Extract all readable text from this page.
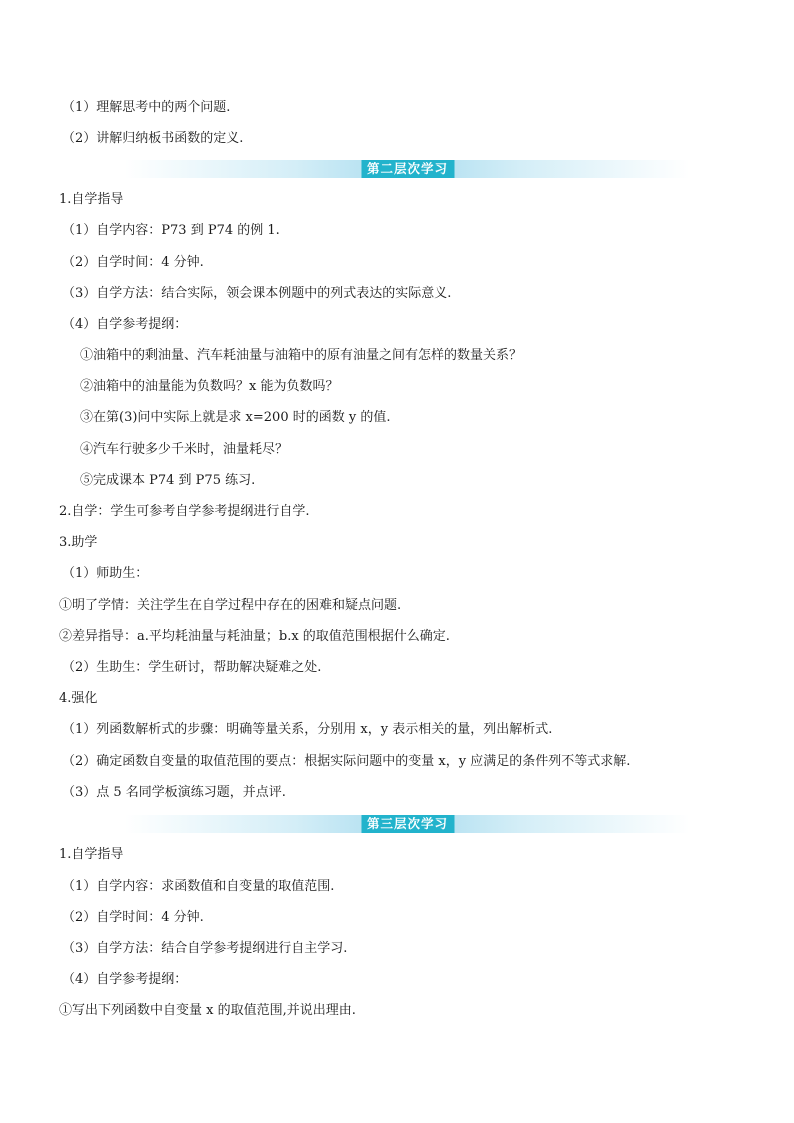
（1）理解思考中的两个问题.
（2）讲解归纳板书函数的定义.
第二层次学习
1.自学指导
（1）自学内容：P73 到 P74 的例 1.
（2）自学时间：4 分钟.
（3）自学方法：结合实际，领会课本例题中的列式表达的实际意义.
（4）自学参考提纲：
①油箱中的剩油量、汽车耗油量与油箱中的原有油量之间有怎样的数量关系？
②油箱中的油量能为负数吗？x 能为负数吗？
③在第(3)问中实际上就是求 x=200 时的函数 y 的值.
④汽车行驶多少千米时，油量耗尽？
⑤完成课本 P74 到 P75 练习.
2.自学：学生可参考自学参考提纲进行自学.
3.助学
（1）师助生：
①明了学情：关注学生在自学过程中存在的困难和疑点问题.
②差异指导：a.平均耗油量与耗油量；b.x 的取值范围根据什么确定.
（2）生助生：学生研讨，帮助解决疑难之处.
4.强化
（1）列函数解析式的步骤：明确等量关系，分别用 x，y 表示相关的量，列出解析式.
（2）确定函数自变量的取值范围的要点：根据实际问题中的变量 x，y 应满足的条件列不等式求解.
（3）点 5 名同学板演练习题，并点评.
第三层次学习
1.自学指导
（1）自学内容：求函数值和自变量的取值范围.
（2）自学时间：4 分钟.
（3）自学方法：结合自学参考提纲进行自主学习.
（4）自学参考提纲：
①写出下列函数中自变量 x 的取值范围,并说出理由.
